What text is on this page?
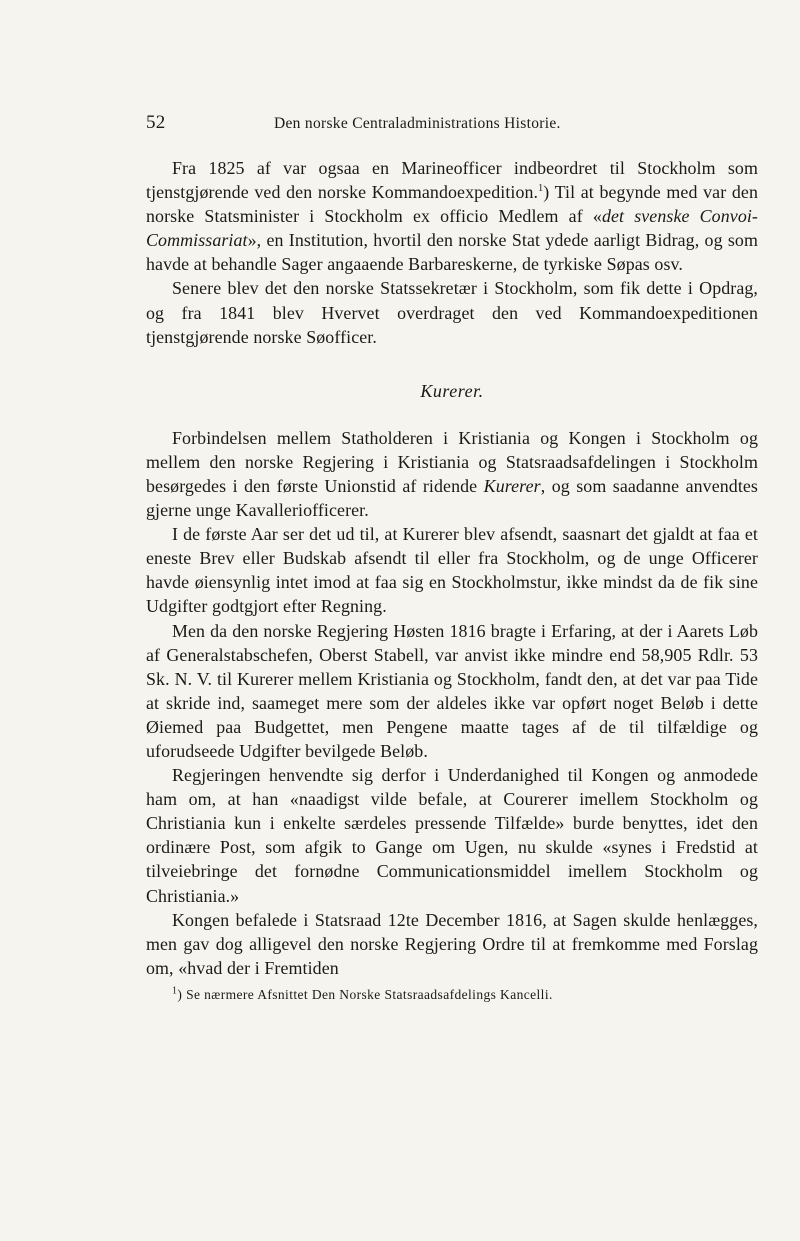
52	Den norske Centraladministrations Historie.

Fra 1825 af var ogsaa en Marineofficer indbeordret til Stockholm som tjenstgjørende ved den norske Kommandoexpedition.$^1$) Til at begynde med var den norske Statsminister i Stockholm ex officio Medlem af «det svenske Convoi-Commissariat», en Institution, hvortil den norske Stat ydede aarligt Bidrag, og som havde at behandle Sager angaaende Barbareskerne, de tyrkiske Søpas osv.

Senere blev det den norske Statssekretær i Stockholm, som fik dette i Opdrag, og fra 1841 blev Hvervet overdraget den ved Kommandoexpeditionen tjenstgjørende norske Søofficer.

Kurerer.

Forbindelsen mellem Statholderen i Kristiania og Kongen i Stockholm og mellem den norske Regjering i Kristiania og Statsraadsafdelingen i Stockholm besørgedes i den første Unionstid af ridende Kurerer, og som saadanne anvendtes gjerne unge Kavalleriofficerer.

I de første Aar ser det ud til, at Kurerer blev afsendt, saasnart det gjaldt at faa et eneste Brev eller Budskab afsendt til eller fra Stockholm, og de unge Officerer havde øiensynlig intet imod at faa sig en Stockholmstur, ikke mindst da de fik sine Udgifter godtgjort efter Regning.

Men da den norske Regjering Høsten 1816 bragte i Erfaring, at der i Aarets Løb af Generalstabschefen, Oberst Stabell, var anvist ikke mindre end 58,905 Rdlr. 53 Sk. N. V. til Kurerer mellem Kristiania og Stockholm, fandt den, at det var paa Tide at skride ind, saameget mere som der aldeles ikke var opført noget Beløb i dette Øiemed paa Budgettet, men Pengene maatte tages af de til tilfældige og uforudseede Udgifter bevilgede Beløb.

Regjeringen henvendte sig derfor i Underdanighed til Kongen og anmodede ham om, at han «naadigst vilde befale, at Courerer imellem Stockholm og Christiania kun i enkelte særdeles pressende Tilfælde» burde benyttes, idet den ordinære Post, som afgik to Gange om Ugen, nu skulde «synes i Fredstid at tilveiebringe det fornødne Communicationsmiddel imellem Stockholm og Christiania.»

Kongen befalede i Statsraad 12te December 1816, at Sagen skulde henlægges, men gav dog alligevel den norske Regjering Ordre til at fremkomme med Forslag om, «hvad der i Fremtiden

$^1$) Se nærmere Afsnittet Den Norske Statsraadsafdelings Kancelli.
